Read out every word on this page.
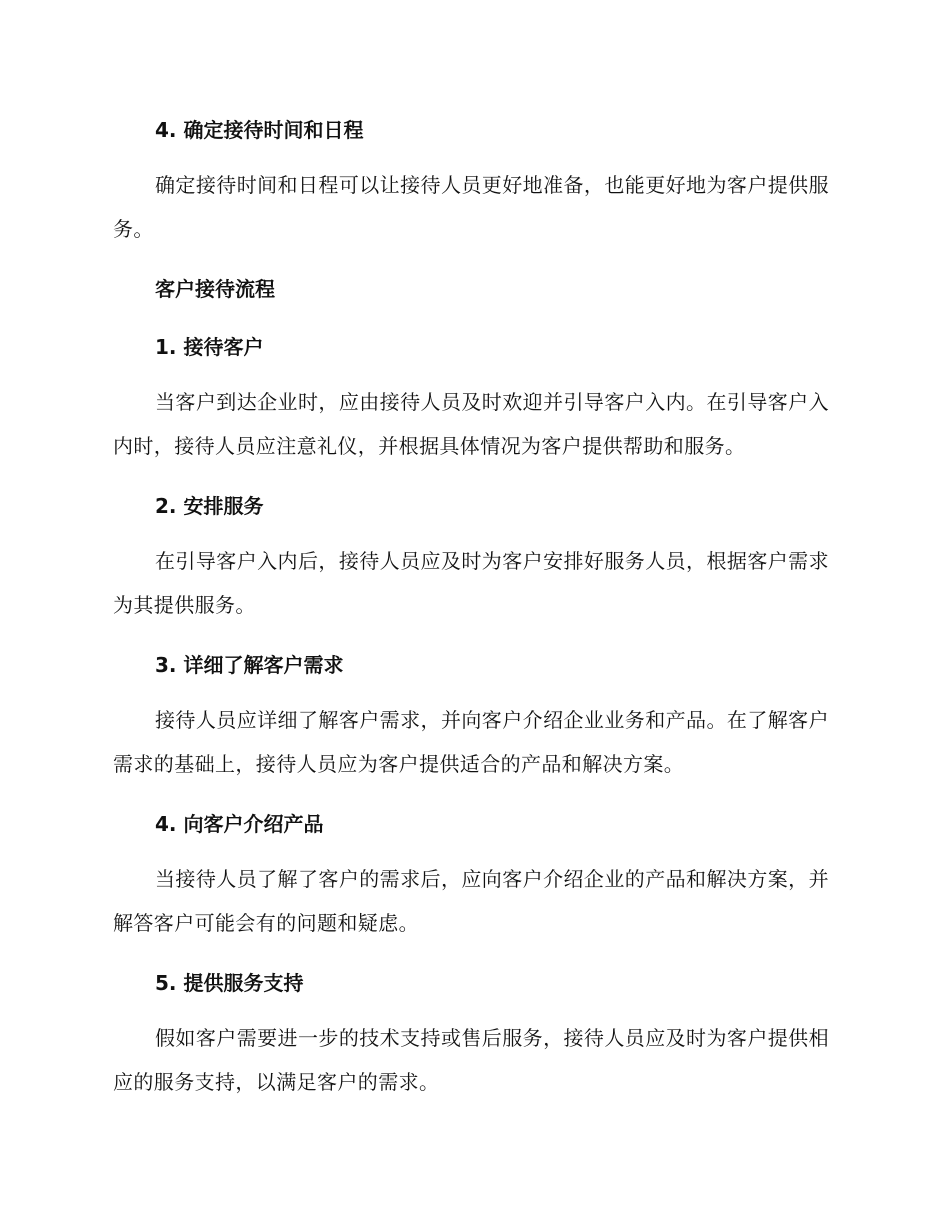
4. 确定接待时间和日程

确定接待时间和日程可以让接待人员更好地准备，也能更好地为客户提供服务。

客户接待流程

1. 接待客户

当客户到达企业时，应由接待人员及时欢迎并引导客户入内。在引导客户入内时，接待人员应注意礼仪，并根据具体情况为客户提供帮助和服务。

2. 安排服务

在引导客户入内后，接待人员应及时为客户安排好服务人员，根据客户需求为其提供服务。

3. 详细了解客户需求

接待人员应详细了解客户需求，并向客户介绍企业业务和产品。在了解客户需求的基础上，接待人员应为客户提供适合的产品和解决方案。

4. 向客户介绍产品

当接待人员了解了客户的需求后，应向客户介绍企业的产品和解决方案，并解答客户可能会有的问题和疑虑。

5. 提供服务支持

假如客户需要进一步的技术支持或售后服务，接待人员应及时为客户提供相应的服务支持，以满足客户的需求。
